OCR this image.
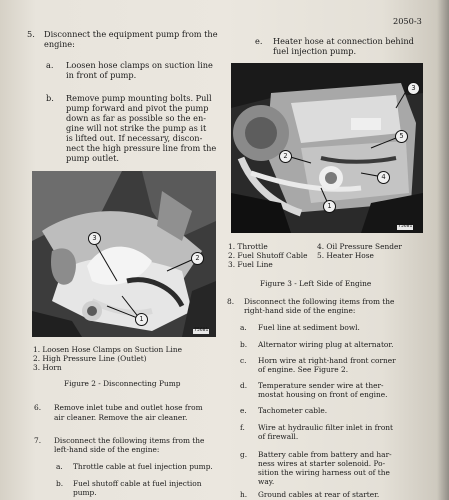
2050-3
5. Disconnect the equipment pump from the
engine:
a. Loosen hose clamps on suction line
in front of pump.
b. Remove pump mounting bolts. Pull
pump forward and pivot the pump
down as far as possible so the en-
gine will not strike the pump as it
is lifted out. If necessary, discon-
nect the high pressure line from the
pump outlet.
3
2
1
75681
1. Loosen Hose Clamps on Suction Line
2. High Pressure Line (Outlet)
3. Horn
Figure 2 - Disconnecting Pump
6. Remove inlet tube and outlet hose from
air cleaner. Remove the air cleaner.
7. Disconnect the following items from the
left-hand side of the engine:
a. Throttle cable at fuel injection pump.
b. Fuel shutoff cable at fuel injection
pump.
e. Heater hose at connection behind
fuel injection pump.
3
5
2
4
1
75681
1. Throttle
2. Fuel Shutoff Cable
3. Fuel Line
4. Oil Pressure Sender
5. Heater Hose
Figure 3 - Left Side of Engine
8. Disconnect the following items from the
right-hand side of the engine:
a. Fuel line at sediment bowl.
b. Alternator wiring plug at alternator.
c. Horn wire at right-hand front corner
of engine. See Figure 2.
d. Temperature sender wire at ther-
mostat housing on front of engine.
e. Tachometer cable.
f. Wire at hydraulic filter inlet in front
of firewall.
g. Battery cable from battery and har-
ness wires at starter solenoid. Po-
sition the wiring harness out of the
way.
h. Ground cables at rear of starter.
